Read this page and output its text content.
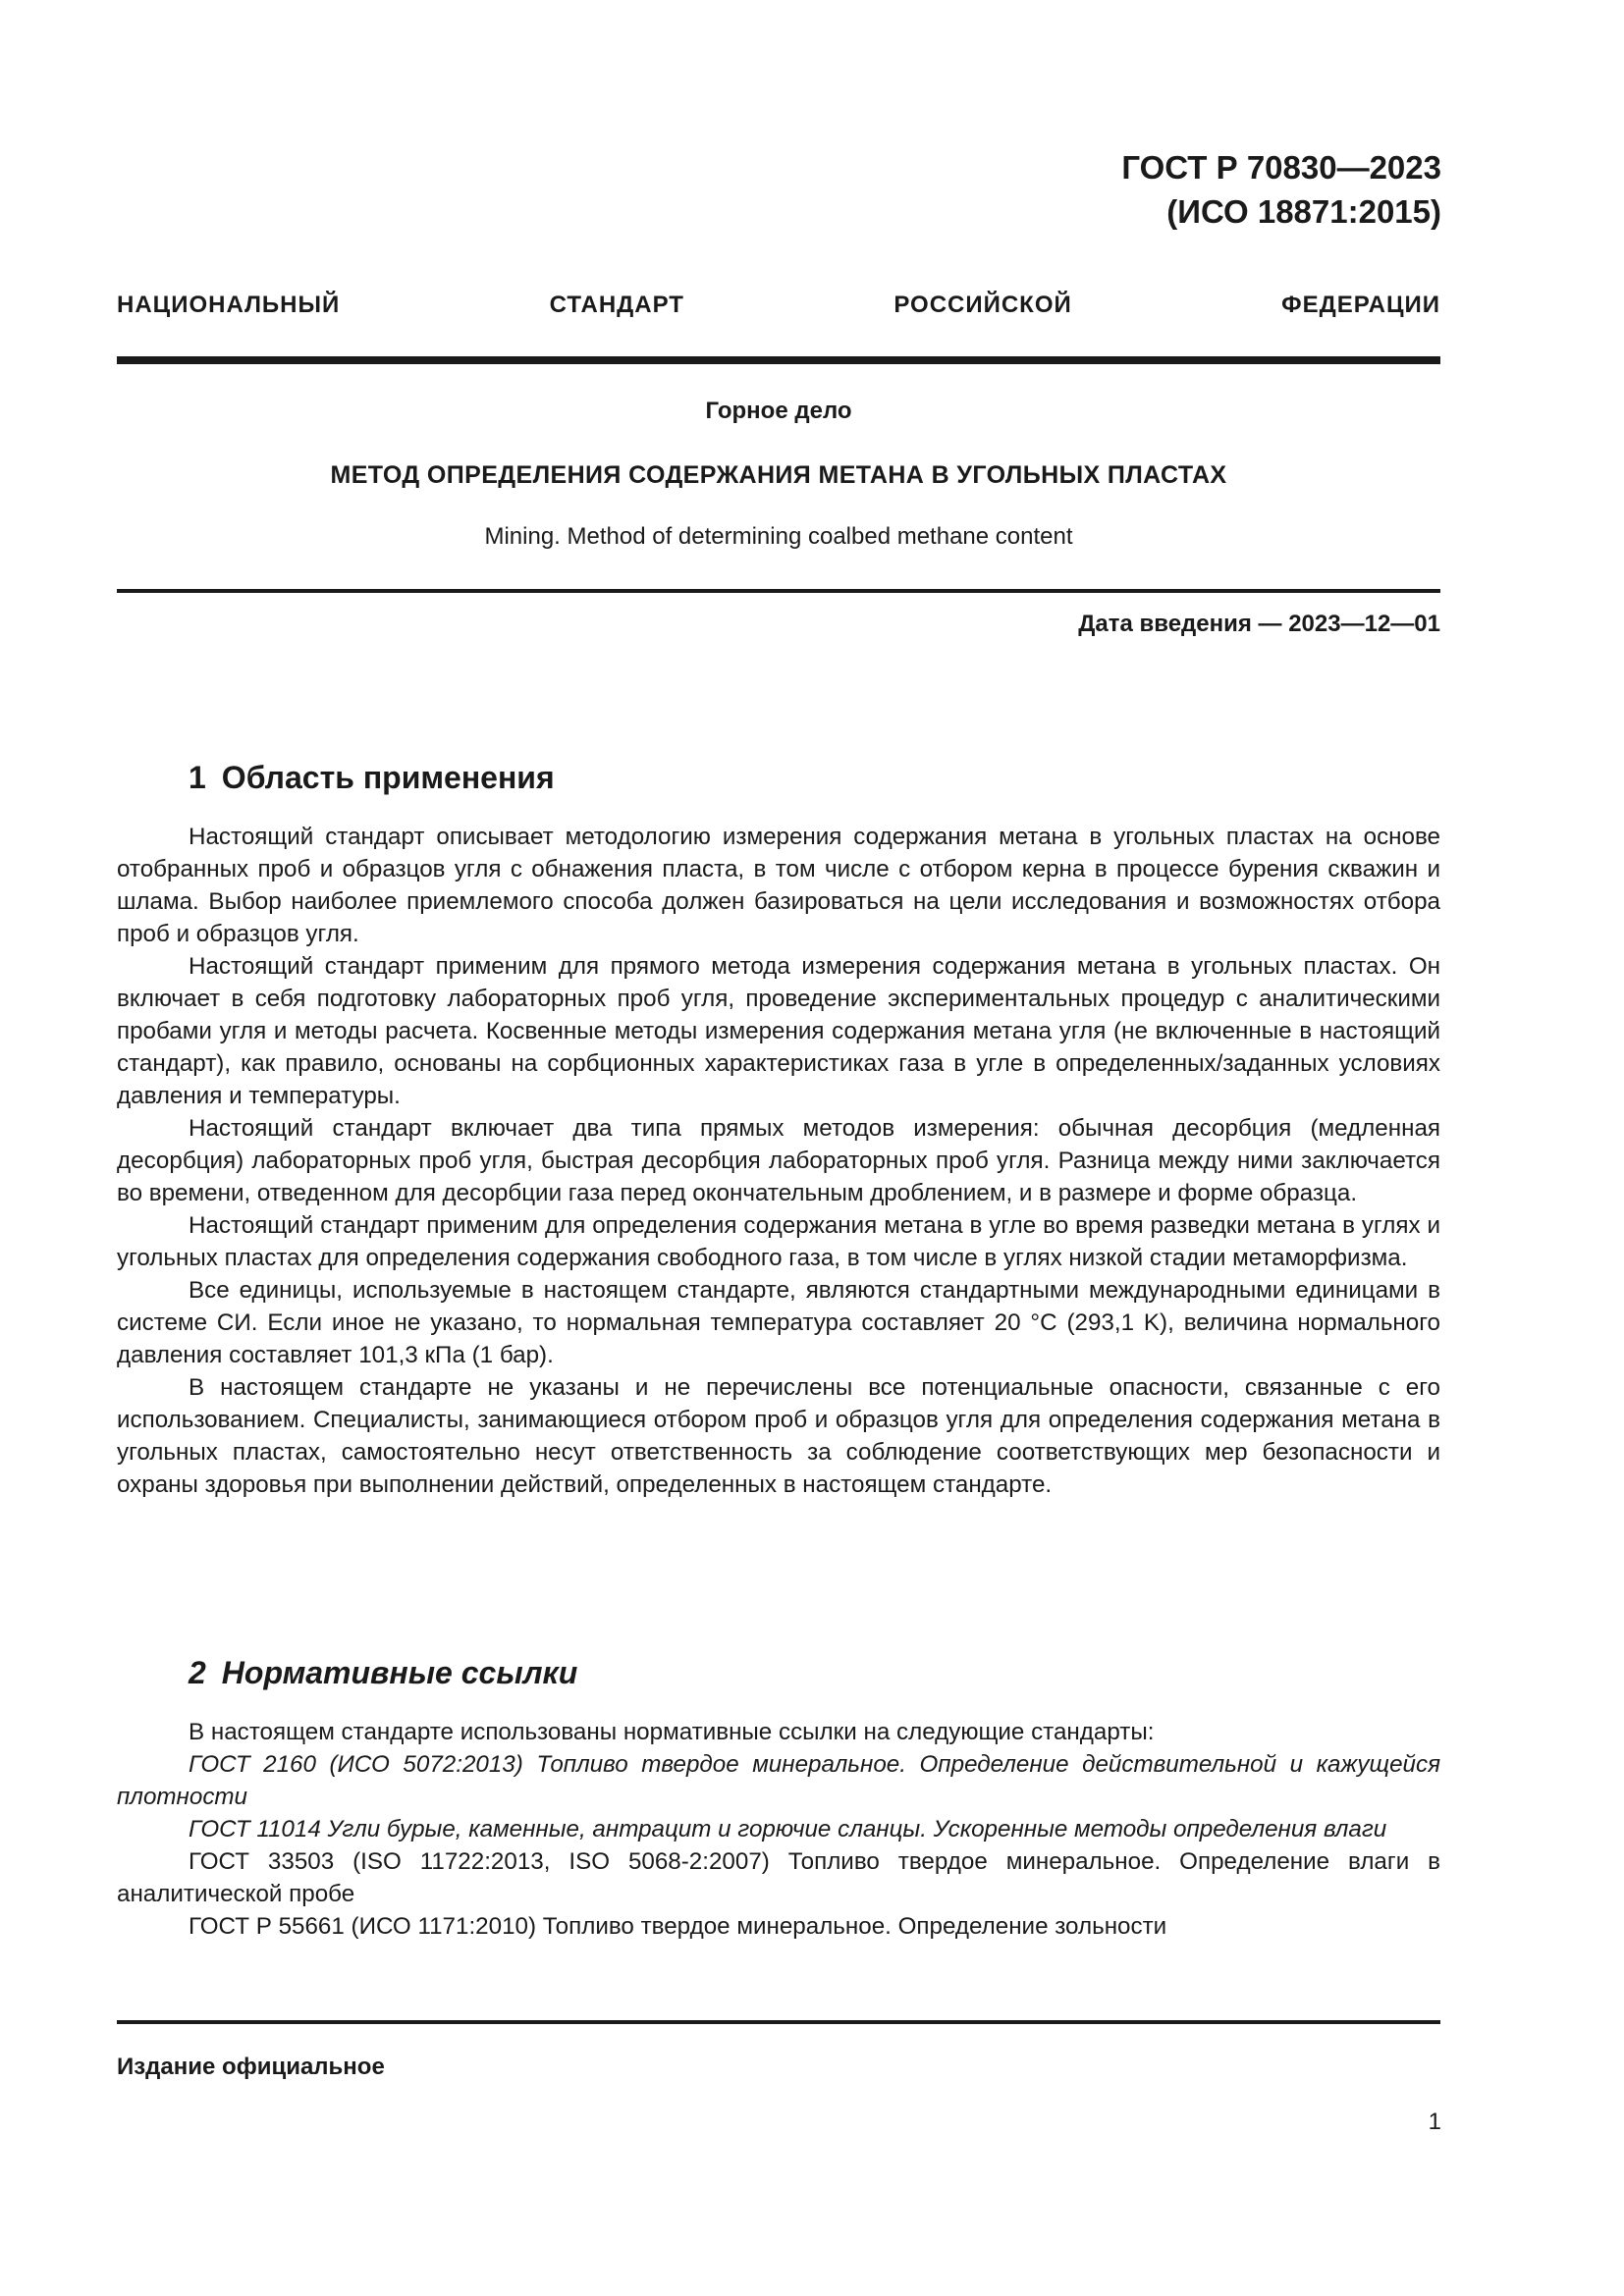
ГОСТ Р 70830—2023
(ИСО 18871:2015)
НАЦИОНАЛЬНЫЙ СТАНДАРТ РОССИЙСКОЙ ФЕДЕРАЦИИ
Горное дело
МЕТОД ОПРЕДЕЛЕНИЯ СОДЕРЖАНИЯ МЕТАНА В УГОЛЬНЫХ ПЛАСТАХ
Mining. Method of determining coalbed methane content
Дата введения — 2023—12—01
1 Область применения

Настоящий стандарт описывает методологию измерения содержания метана в угольных пластах на основе отобранных проб и образцов угля с обнажения пласта, в том числе с отбором керна в процессе бурения скважин и шлама. Выбор наиболее приемлемого способа должен базироваться на цели исследования и возможностях отбора проб и образцов угля.

Настоящий стандарт применим для прямого метода измерения содержания метана в угольных пластах. Он включает в себя подготовку лабораторных проб угля, проведение экспериментальных процедур с аналитическими пробами угля и методы расчета. Косвенные методы измерения содержания метана угля (не включенные в настоящий стандарт), как правило, основаны на сорбционных характеристиках газа в угле в определенных/заданных условиях давления и температуры.

Настоящий стандарт включает два типа прямых методов измерения: обычная десорбция (медленная десорбция) лабораторных проб угля, быстрая десорбция лабораторных проб угля. Разница между ними заключается во времени, отведенном для десорбции газа перед окончательным дроблением, и в размере и форме образца.

Настоящий стандарт применим для определения содержания метана в угле во время разведки метана в углях и угольных пластах для определения содержания свободного газа, в том числе в углях низкой стадии метаморфизма.

Все единицы, используемые в настоящем стандарте, являются стандартными международными единицами в системе СИ. Если иное не указано, то нормальная температура составляет 20 °С (293,1 K), величина нормального давления составляет 101,3 кПа (1 бар).

В настоящем стандарте не указаны и не перечислены все потенциальные опасности, связанные с его использованием. Специалисты, занимающиеся отбором проб и образцов угля для определения содержания метана в угольных пластах, самостоятельно несут ответственность за соблюдение соответствующих мер безопасности и охраны здоровья при выполнении действий, определенных в настоящем стандарте.

2 Нормативные ссылки

В настоящем стандарте использованы нормативные ссылки на следующие стандарты:

ГОСТ 2160 (ИСО 5072:2013) Топливо твердое минеральное. Определение действительной и кажущейся плотности

ГОСТ 11014 Угли бурые, каменные, антрацит и горючие сланцы. Ускоренные методы определения влаги

ГОСТ 33503 (ISO 11722:2013, ISO 5068-2:2007) Топливо твердое минеральное. Определение влаги в аналитической пробе

ГОСТ Р 55661 (ИСО 1171:2010) Топливо твердое минеральное. Определение зольности

Издание официальное
1
